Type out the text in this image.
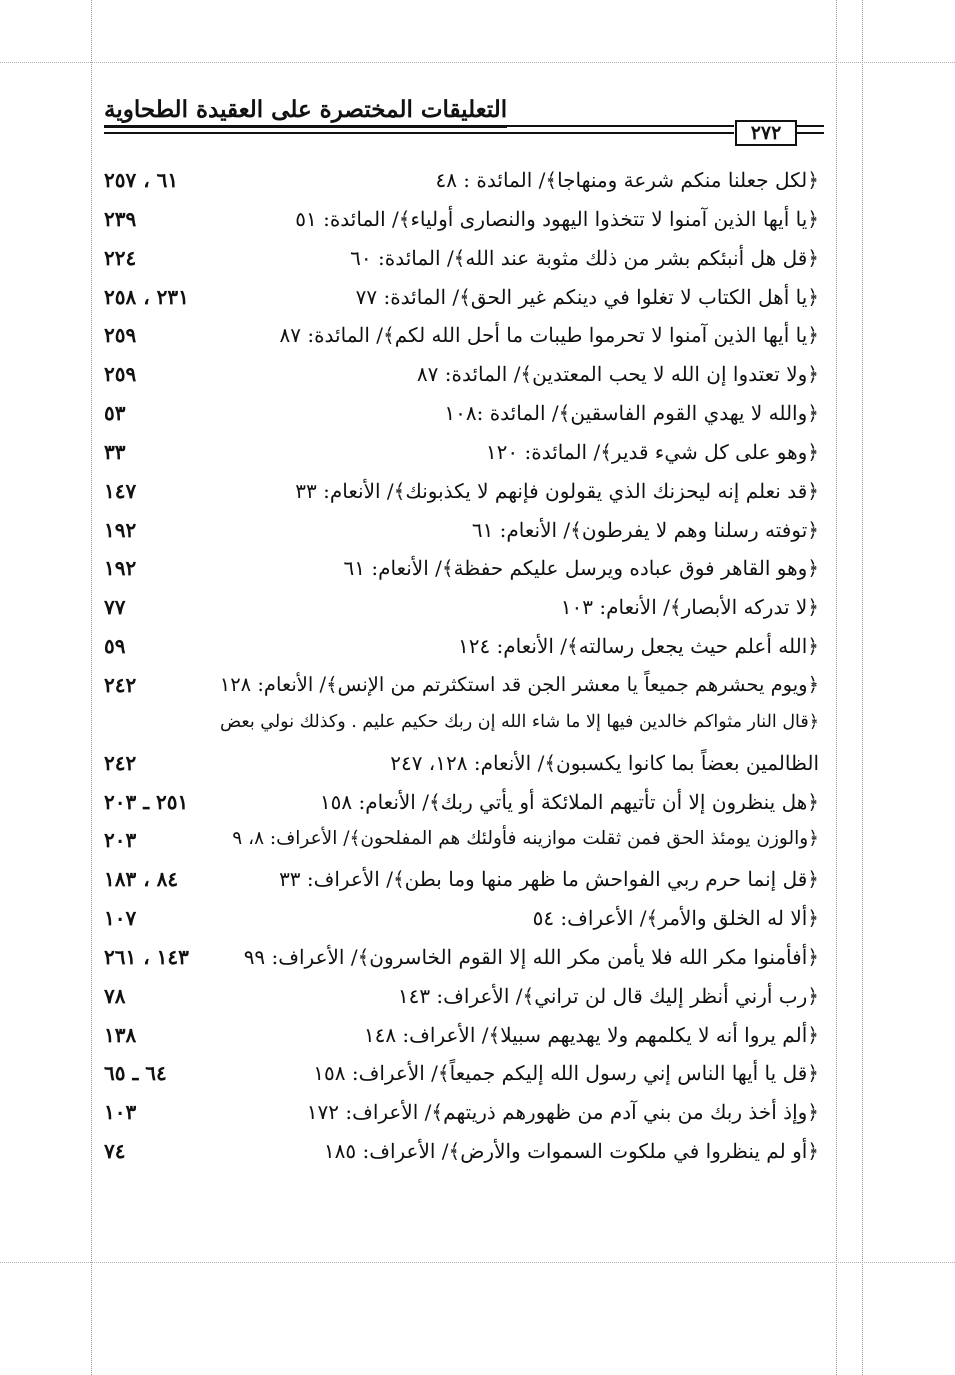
التعليقات المختصرة على العقيدة الطحاوية
٢٧٢
﴿لكل جعلنا منكم شرعة ومنهاجا﴾/ المائدة : ٤٨
٦١ ، ٢٥٧
﴿يا أيها الذين آمنوا لا تتخذوا اليهود والنصارى أولياء﴾/ المائدة: ٥١
٢٣٩
﴿قل هل أنبئكم بشر من ذلك مثوبة عند الله﴾/ المائدة: ٦٠
٢٢٤
﴿يا أهل الكتاب لا تغلوا في دينكم غير الحق﴾/ المائدة: ٧٧
٢٣١ ، ٢٥٨
﴿يا أيها الذين آمنوا لا تحرموا طيبات ما أحل الله لكم﴾/ المائدة: ٨٧
٢٥٩
﴿ولا تعتدوا إن الله لا يحب المعتدين﴾/ المائدة: ٨٧
٢٥٩
﴿والله لا يهدي القوم الفاسقين﴾/ المائدة :١٠٨
٥٣
﴿وهو على كل شيء قدير﴾/ المائدة: ١٢٠
٣٣
﴿قد نعلم إنه ليحزنك الذي يقولون فإنهم لا يكذبونك﴾/ الأنعام: ٣٣
١٤٧
﴿توفته رسلنا وهم لا يفرطون﴾/ الأنعام: ٦١
١٩٢
﴿وهو القاهر فوق عباده ويرسل عليكم حفظة﴾/ الأنعام: ٦١
١٩٢
﴿لا تدركه الأبصار﴾/ الأنعام: ١٠٣
٧٧
﴿الله أعلم حيث يجعل رسالته﴾/ الأنعام: ١٢٤
٥٩
﴿ويوم يحشرهم جميعاً يا معشر الجن قد استكثرتم من الإنس﴾/ الأنعام: ١٢٨
٢٤٢
﴿قال النار مثواكم خالدين فيها إلا ما شاء الله إن ربك حكيم عليم . وكذلك نولي بعض
الظالمين بعضاً بما كانوا يكسبون﴾/ الأنعام: ١٢٨، ٢٤٧
٢٤٢
﴿هل ينظرون إلا أن تأتيهم الملائكة أو يأتي ربك﴾/ الأنعام: ١٥٨
٢٥١ ـ ٢٠٣
﴿والوزن يومئذ الحق فمن ثقلت موازينه فأولئك هم المفلحون﴾/ الأعراف: ٨، ٩
٢٠٣
﴿قل إنما حرم ربي الفواحش ما ظهر منها وما بطن﴾/ الأعراف: ٣٣
٨٤ ، ١٨٣
﴿ألا له الخلق والأمر﴾/ الأعراف: ٥٤
١٠٧
﴿أفأمنوا مكر الله فلا يأمن مكر الله إلا القوم الخاسرون﴾/ الأعراف: ٩٩
١٤٣ ، ٢٦١
﴿رب أرني أنظر إليك قال لن تراني﴾/ الأعراف: ١٤٣
٧٨
﴿ألم يروا أنه لا يكلمهم ولا يهديهم سبيلا﴾/ الأعراف: ١٤٨
١٣٨
﴿قل يا أيها الناس إني رسول الله إليكم جميعاً﴾/ الأعراف: ١٥٨
٦٤ ـ ٦٥
﴿وإذ أخذ ربك من بني آدم من ظهورهم ذريتهم﴾/ الأعراف: ١٧٢
١٠٣
﴿أو لم ينظروا في ملكوت السموات والأرض﴾/ الأعراف: ١٨٥
٧٤
